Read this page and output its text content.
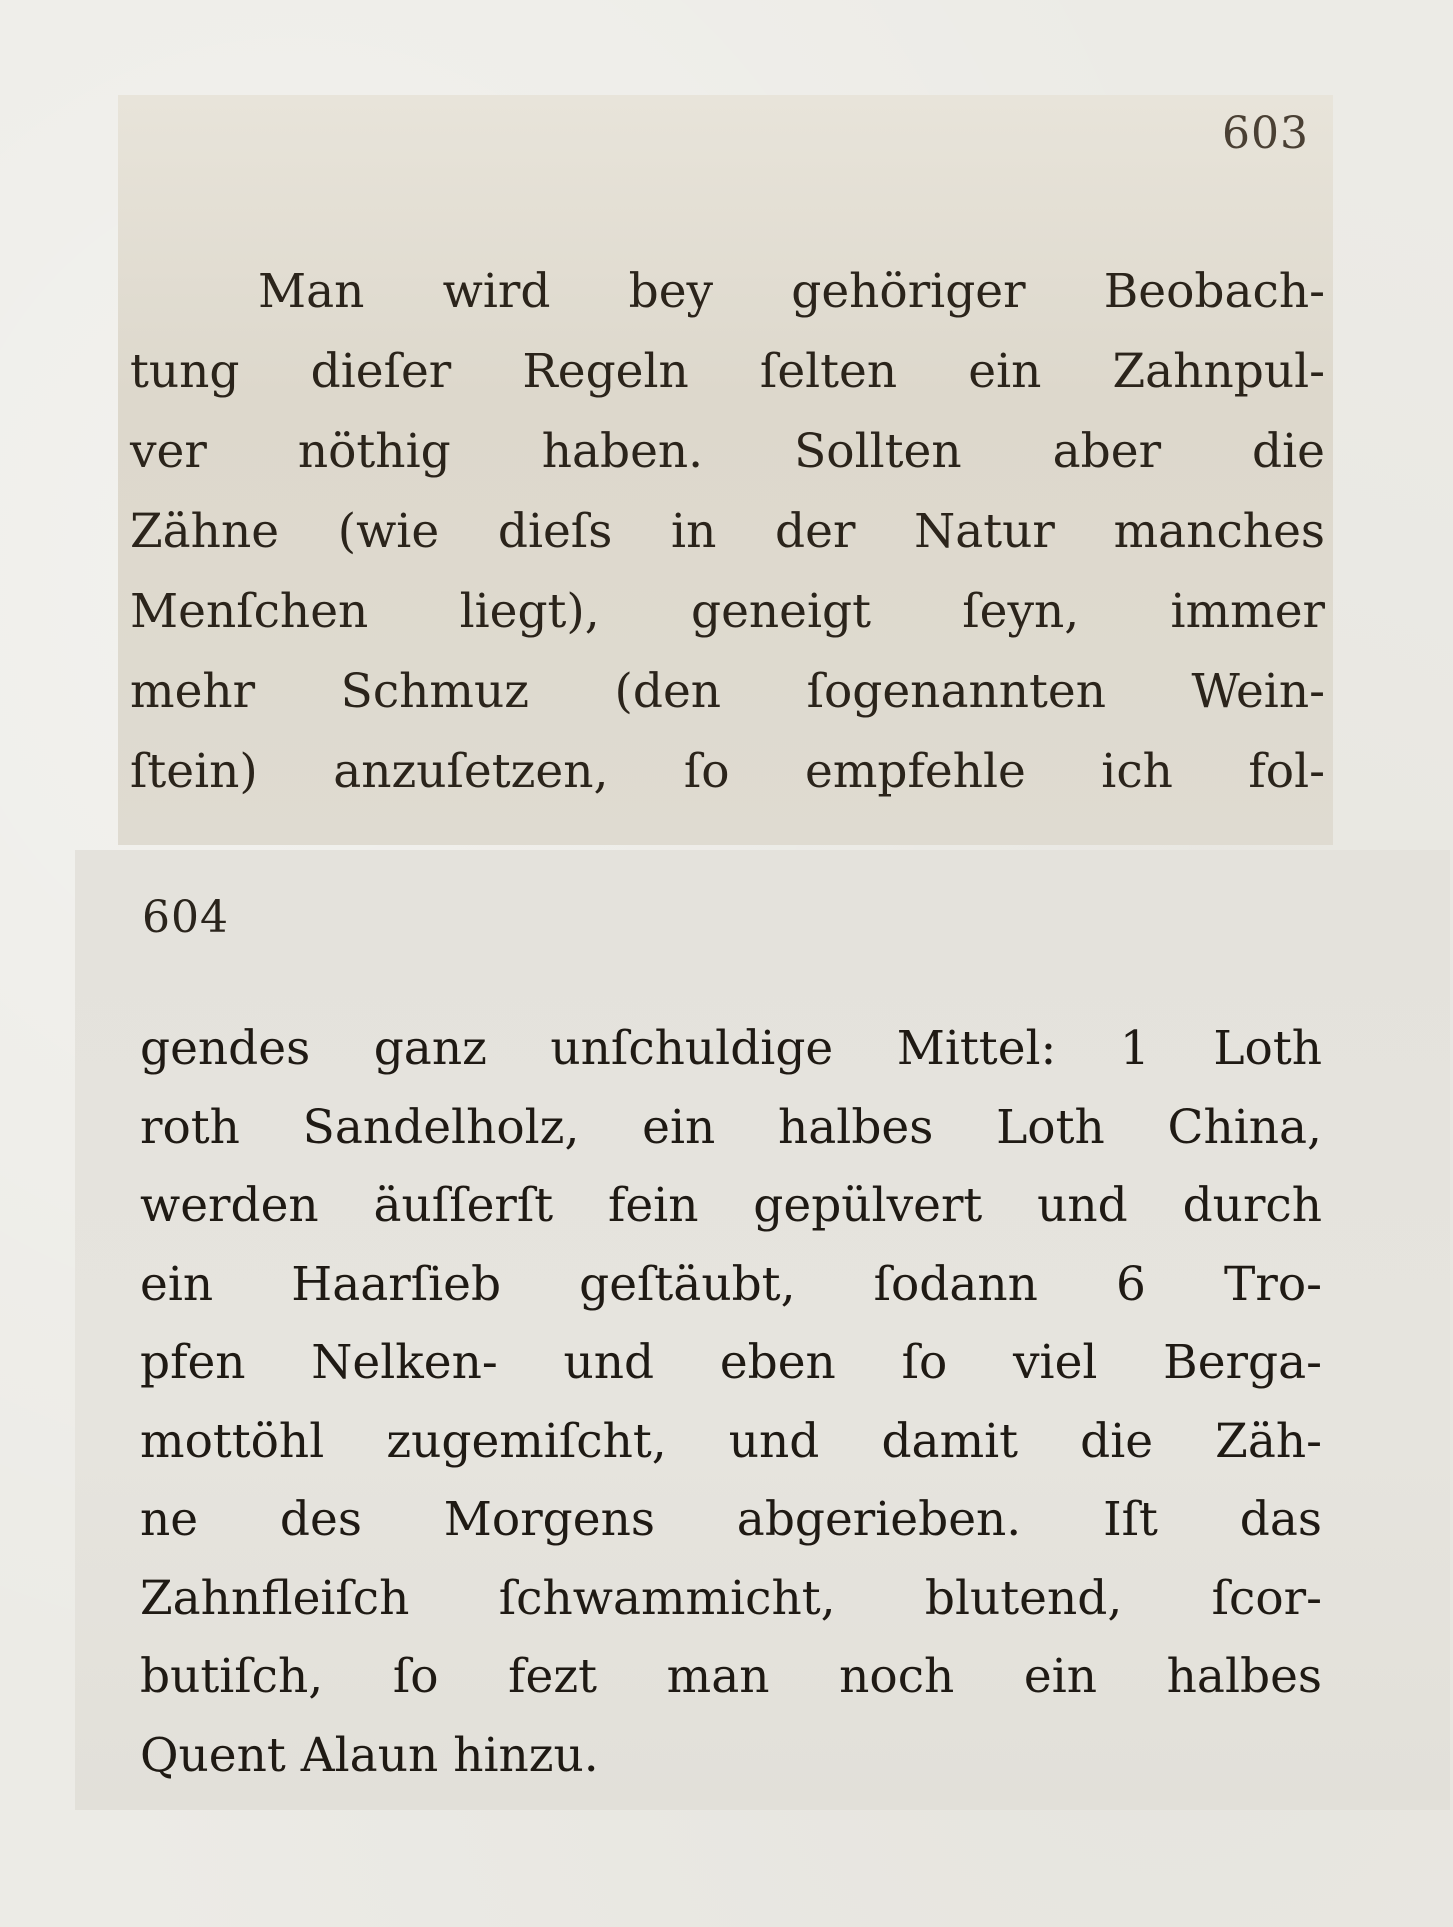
603
Man wird bey gehöriger Beobach-
tung dieſer Regeln ſelten ein Zahnpul-
ver nöthig haben. Sollten aber die
Zähne (wie dieſs in der Natur manches
Menſchen liegt), geneigt ſeyn, immer
mehr Schmuz (den ſogenannten Wein-
ſtein) anzuſetzen, ſo empfehle ich fol-
604
gendes ganz unſchuldige Mittel: 1 Loth
roth Sandelholz, ein halbes Loth China,
werden äuſſerſt fein gepülvert und durch
ein Haarſieb geſtäubt, ſodann 6 Tro-
pfen Nelken- und eben ſo viel Berga-
mottöhl zugemiſcht, und damit die Zäh-
ne des Morgens abgerieben. Iſt das
Zahnfleiſch ſchwammicht, blutend, ſcor-
butiſch, ſo fezt man noch ein halbes
Quent Alaun hinzu.
